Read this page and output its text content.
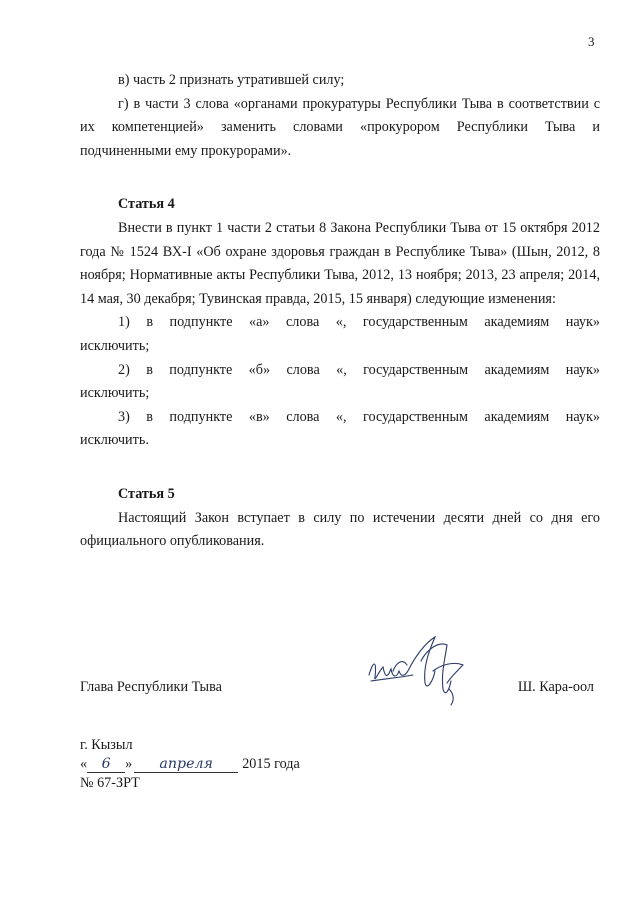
3

в) часть 2 признать утратившей силу;

г) в части 3 слова «органами прокуратуры Республики Тыва в соответствии с их компетенцией» заменить словами «прокурором Республики Тыва и подчиненными ему прокурорами».

Статья 4

Внести в пункт 1 части 2 статьи 8 Закона Республики Тыва от 15 октября 2012 года № 1524 ВХ-I «Об охране здоровья граждан в Республике Тыва» (Шын, 2012, 8 ноября; Нормативные акты Республики Тыва, 2012, 13 ноября; 2013, 23 апреля; 2014, 14 мая, 30 декабря; Тувинская правда, 2015, 15 января) следующие изменения:

1) в подпункте «а» слова «, государственным академиям наук»

исключить;

2) в подпункте «б» слова «, государственным академиям наук»

исключить;

3) в подпункте «в» слова «, государственным академиям наук»

исключить.

Статья 5

Настоящий Закон вступает в силу по истечении десяти дней со дня его официального опубликования.

Глава Республики Тыва	Ш. Кара-оол
г. Кызыл
«	6	»	апреля	2015 года
№ 67-ЗРТ
